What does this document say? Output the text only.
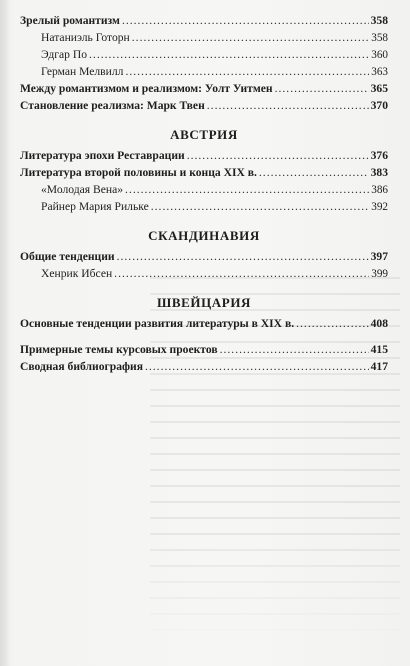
Зрелый романтизм .....	358
Натаниэль Готорн .....	358
Эдгар По .....	360
Герман Мелвилл .....	363
Между романтизмом и реализмом: Уолт Уитмен .....	365
Становление реализма: Марк Твен .....	370
АВСТРИЯ
Литература эпохи Реставрации .....	376
Литература второй половины и конца XIX в. .....	383
«Молодая Вена» .....	386
Райнер Мария Рильке .....	392
СКАНДИНАВИЯ
Общие тенденции .....	397
Хенрик Ибсен .....	399
ШВЕЙЦАРИЯ
Основные тенденции развития литературы в XIX в. .....	408
Примерные темы курсовых проектов .....	415
Сводная библиография .....	417
